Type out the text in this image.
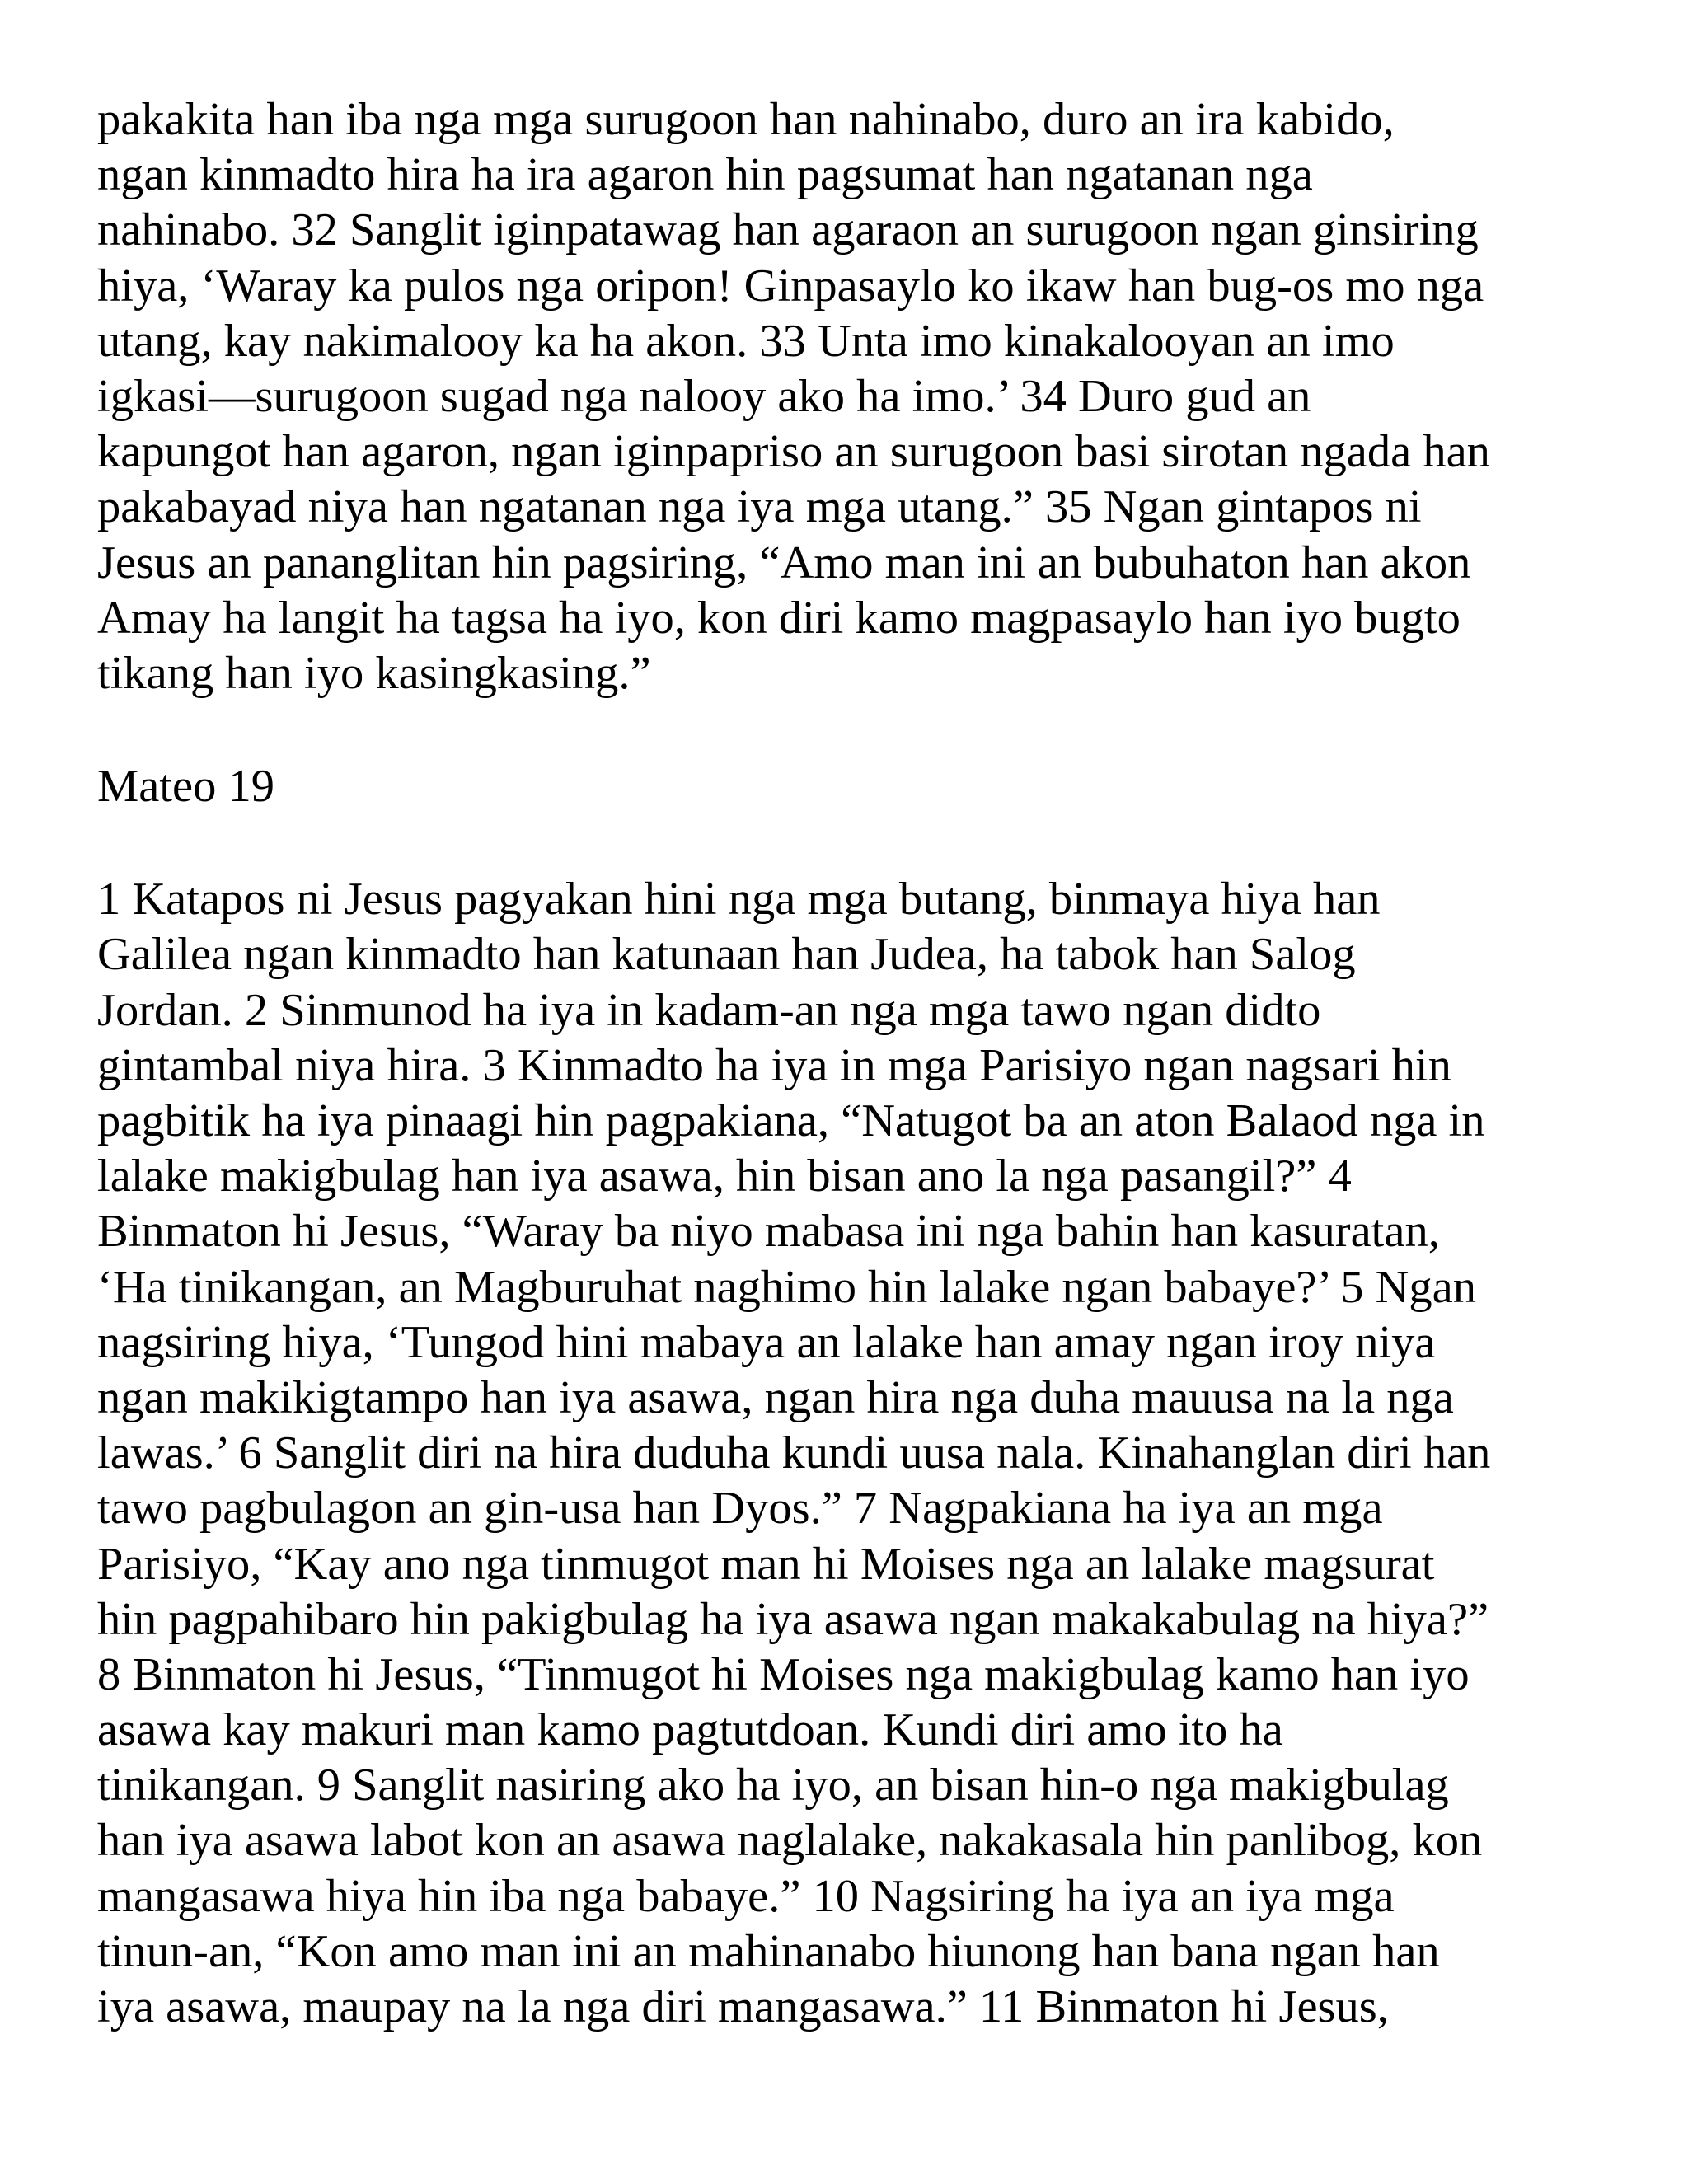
pakakita han iba nga mga surugoon han nahinabo, duro an ira kabido,
ngan kinmadto hira ha ira agaron hin pagsumat han ngatanan nga
nahinabo. 32 Sanglit iginpatawag han agaraon an surugoon ngan ginsiring
hiya, ‘Waray ka pulos nga oripon! Ginpasaylo ko ikaw han bug-os mo nga
utang, kay nakimalooy ka ha akon. 33 Unta imo kinakalooyan an imo
igkasi—surugoon sugad nga nalooy ako ha imo.’ 34 Duro gud an
kapungot han agaron, ngan iginpapriso an surugoon basi sirotan ngada han
pakabayad niya han ngatanan nga iya mga utang.” 35 Ngan gintapos ni
Jesus an pananglitan hin pagsiring, “Amo man ini an bubuhaton han akon
Amay ha langit ha tagsa ha iyo, kon diri kamo magpasaylo han iyo bugto
tikang han iyo kasingkasing.”
Mateo 19
1 Katapos ni Jesus pagyakan hini nga mga butang, binmaya hiya han
Galilea ngan kinmadto han katunaan han Judea, ha tabok han Salog
Jordan. 2 Sinmunod ha iya in kadam-an nga mga tawo ngan didto
gintambal niya hira. 3 Kinmadto ha iya in mga Parisiyo ngan nagsari hin
pagbitik ha iya pinaagi hin pagpakiana, “Natugot ba an aton Balaod nga in
lalake makigbulag han iya asawa, hin bisan ano la nga pasangil?” 4
Binmaton hi Jesus, “Waray ba niyo mabasa ini nga bahin han kasuratan,
‘Ha tinikangan, an Magburuhat naghimo hin lalake ngan babaye?’ 5 Ngan
nagsiring hiya, ‘Tungod hini mabaya an lalake han amay ngan iroy niya
ngan makikigtampo han iya asawa, ngan hira nga duha mauusa na la nga
lawas.’ 6 Sanglit diri na hira duduha kundi uusa nala. Kinahanglan diri han
tawo pagbulagon an gin-usa han Dyos.” 7 Nagpakiana ha iya an mga
Parisiyo, “Kay ano nga tinmugot man hi Moises nga an lalake magsurat
hin pagpahibaro hin pakigbulag ha iya asawa ngan makakabulag na hiya?”
8 Binmaton hi Jesus, “Tinmugot hi Moises nga makigbulag kamo han iyo
asawa kay makuri man kamo pagtutdoan. Kundi diri amo ito ha
tinikangan. 9 Sanglit nasiring ako ha iyo, an bisan hin-o nga makigbulag
han iya asawa labot kon an asawa naglalake, nakakasala hin panlibog, kon
mangasawa hiya hin iba nga babaye.” 10 Nagsiring ha iya an iya mga
tinun-an, “Kon amo man ini an mahinanabo hiunong han bana ngan han
iya asawa, maupay na la nga diri mangasawa.” 11 Binmaton hi Jesus,
